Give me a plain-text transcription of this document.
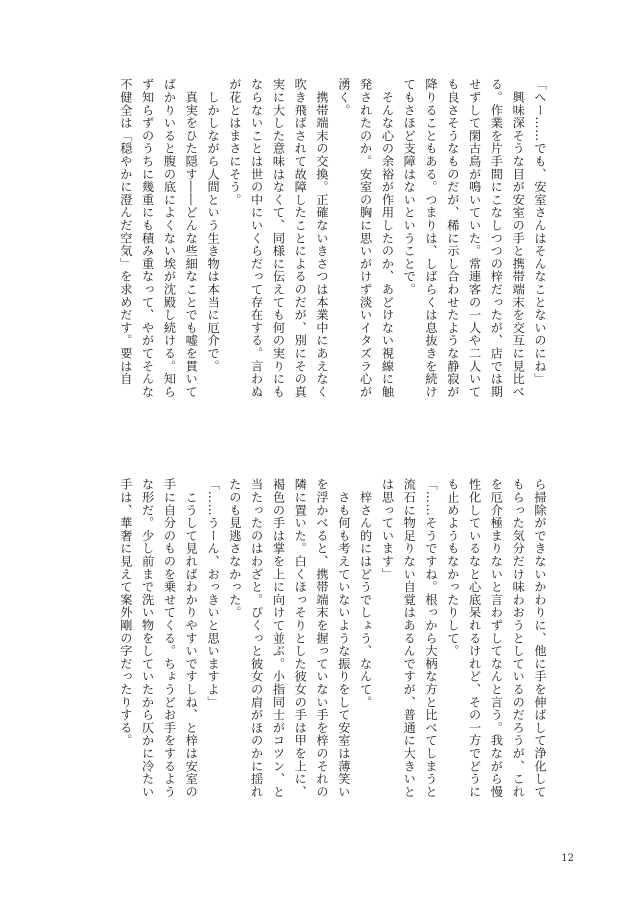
「へー……でも、安室さんはそんなことないのにね」
　興味深そうな目が安室の手と携帯端末を交互に見比べ
る。作業を片手間にこなしつつの梓だったが、店では期
せずして閑古鳥が鳴いていた。常連客の一人や二人いて
も良さそうなものだが、稀に示し合わせたような静寂が
降りることもある。つまりは、しばらくは息抜きを続け
てもさほど支障はないということで。
　そんな心の余裕が作用したのか、あどけない視線に触
発されたのか。安室の胸に思いがけず淡いイタズラ心が
湧く。
　携帯端末の交換。正確ないきさつは本業中にあえなく
吹き飛ばされて故障したことによるのだが、別にその真
実に大した意味はなくて、同様に伝えても何の実りにも
ならないことは世の中にいくらだって存在する。言わぬ
が花とはまさにそう。
　しかしながら人間という生き物は本当に厄介で。
　真実をひた隠す――どんな些細なことでも嘘を貫いて
ばかりいると腹の底によくない埃が沈殿し続ける。知ら
ず知らずのうちに幾重にも積み重なって、やがてそんな
不健全は「穏やかに澄んだ空気」を求めだす。要は自
ら掃除ができないかわりに、他に手を伸ばして浄化して
もらった気分だけ味わおうとしているのだろうが、これ
を厄介極まりないと言わずしてなんと言う。我ながら慢
性化しているなと心底呆れるけれど、その一方でどうに
も止めようもなかったりして。
「……そうですね。根っから大柄な方と比べてしまうと
流石に物足りない自覚はあるんですが、普通に大きいと
は思っています」
　梓さん的にはどうでしょう、なんて。
　さも何も考えていないような振りをして安室は薄笑い
を浮かべると、携帯端末を握っていない手を梓のそれの
隣に置いた。白くほっそりとした彼女の手は甲を上に、
褐色の手は掌を上に向けて並ぶ。小指同士がコツン、と
当たったのはわざと。ぴくっと彼女の肩がほのかに揺れ
たのも見逃さなかった。
「……うーん、おっきいと思いますよ」
　こうして見ればわかりやすいですしね、と梓は安室の
手に自分のものを乗せてくる。ちょうどお手をするよう
な形だ。少し前まで洗い物をしていたから仄かに冷たい
手は、華奢に見えて案外剛の字だったりする。
12
